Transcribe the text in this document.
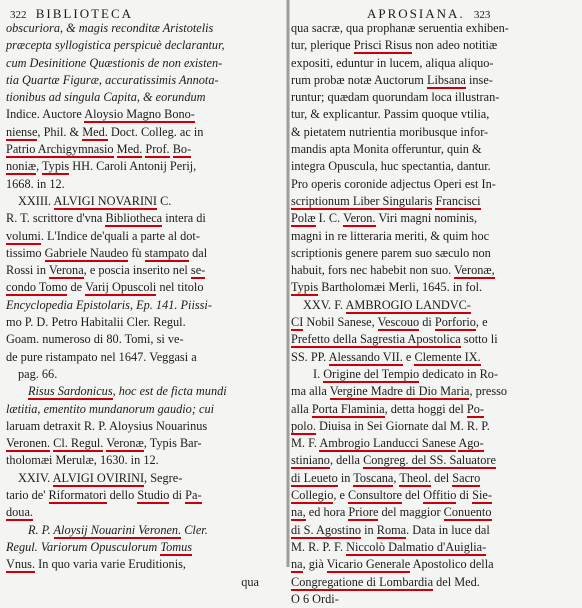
322 BIBLIOTECA
obscuriora, & magis reconditæ Aristotelis
præcepta syllogistica perspicuè declarantur,
cum Desinitione Quæstionis de non existen-
tia Quartæ Figuræ, accuratissimis Annota-
tionibus ad singula Capita, & eorundum
Indice. Auctore Aloysio Magno Bono-
niense, Phil. & Med. Doct. Colleg. ac in
Patrio Archigymnasio Med. Prof. Bo-
noniæ, Typis HH. Caroli Antonij Perij,
1668. in 12.
XXIII. ALVIGI NOVARINI C.
R. T. scrittore d'vna Bibliotheca intera di
volumi. L'Indice de'quali a parte al dot-
tissimo Gabriele Naudeo fù stampato dal
Rossi in Verona, e poscia inserito nel se-
condo Tomo de Varij Opuscoli nel titolo
Encyclopedia Epistolaris, Ep. 141. Piissi-
mo P. D. Petro Habitalii Cler. Regul.
Goam. numeroso di 80. Tomi, si ve-
de pure ristampato nel 1647. Veggasi a
pag. 66.
Risus Sardonicus, hoc est de ficta mundi
lætitia, ementito mundanorum gaudio; cui
laruam detraxit R. P. Aloysius Nouarinus
Veronen. Cl. Regul. Veronæ, Typis Bar-
tholomæi Merulæ, 1630. in 12.
XXIV. ALVIGI OVIRINI, Segre-
tario de' Riformatori dello Studio di Pa-
doua.
R. P. Aloysij Nouarini Veronen. Cler.
Regul. Variorum Opusculorum Tomus
Vnus. In quo varia varie Eruditionis,
qua
APROSIANA. 323
qua sacræ, qua prophanæ seruentia exhiben-
tur, plerique Prisci Risus non adeo notitiæ
expositi, eduntur in lucem, aliqua aliquo-
rum probæ notæ Auctorum Libsana inse-
runtur; quædam quorundam loca illustran-
tur, & explicantur. Passim quoque vtilia,
& pietatem nutrientia moribusque infor-
mandis apta Monita offeruntur, quin &
integra Opuscula, huc spectantia, dantur.
Pro operis coronide adjectus Operi est In-
scriptionum Liber Singularis Francisci
Polæ I. C. Veron. Viri magni nominis,
magni in re litteraria meriti, & quim hoc
scriptionis genere parem suo sæculo non
habuit, fors nec habebit non suo. Veronæ,
Typis Bartholomæi Merli, 1645. in fol.
XXV. F. AMBROGIO LANDVC-
CI Nobil Sanese, Vescouo di Porforio, e
Prefetto della Sagrestia Apostolica sotto li
SS. PP. Alessando VII. e Clemente IX.
I. Origine del Tempio dedicato in Ro-
ma alla Vergine Madre di Dio Maria, presso
alla Porta Flaminia, detta hoggi del Po-
polo. Diuisa in Sei Giornate dal M. R. P.
M. F. Ambrogio Landucci Sanese Ago-
stiniano, della Congreg. del SS. Saluatore
di Leueto in Toscana, Theol. del Sacro
Collegio, e Consultore del Offitio di Sie-
na, ed hora Priore del maggior Conuento
di S. Agostino in Roma. Data in luce dal
M. R. P. F. Niccolò Dalmatio d'Auiglia-
na, già Vicario Generale Apostolico della
Congregatione di Lombardia del Med.
O 6 Ordi-
